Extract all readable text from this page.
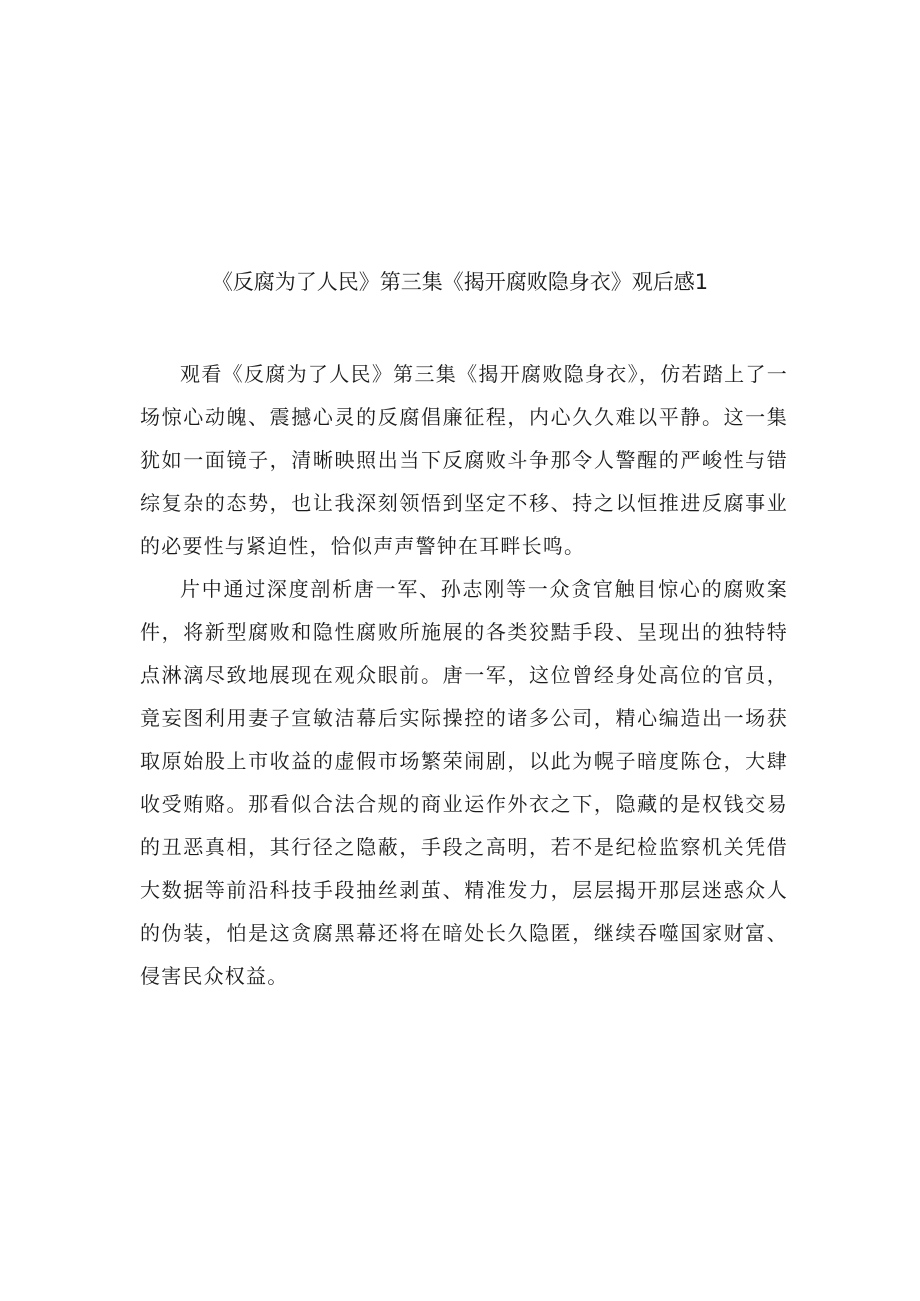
《反腐为了人民》第三集《揭开腐败隐身衣》观后感1

观看《反腐为了人民》第三集《揭开腐败隐身衣》，仿若踏上了一场惊心动魄、震撼心灵的反腐倡廉征程，内心久久难以平静。这一集犹如一面镜子，清晰映照出当下反腐败斗争那令人警醒的严峻性与错综复杂的态势，也让我深刻领悟到坚定不移、持之以恒推进反腐事业的必要性与紧迫性，恰似声声警钟在耳畔长鸣。

片中通过深度剖析唐一军、孙志刚等一众贪官触目惊心的腐败案件，将新型腐败和隐性腐败所施展的各类狡黠手段、呈现出的独特特点淋漓尽致地展现在观众眼前。唐一军，这位曾经身处高位的官员，竟妄图利用妻子宣敏洁幕后实际操控的诸多公司，精心编造出一场获取原始股上市收益的虚假市场繁荣闹剧，以此为幌子暗度陈仓，大肆收受贿赂。那看似合法合规的商业运作外衣之下，隐藏的是权钱交易的丑恶真相，其行径之隐蔽，手段之高明，若不是纪检监察机关凭借大数据等前沿科技手段抽丝剥茧、精准发力，层层揭开那层迷惑众人的伪装，怕是这贪腐黑幕还将在暗处长久隐匿，继续吞噬国家财富、侵害民众权益。
